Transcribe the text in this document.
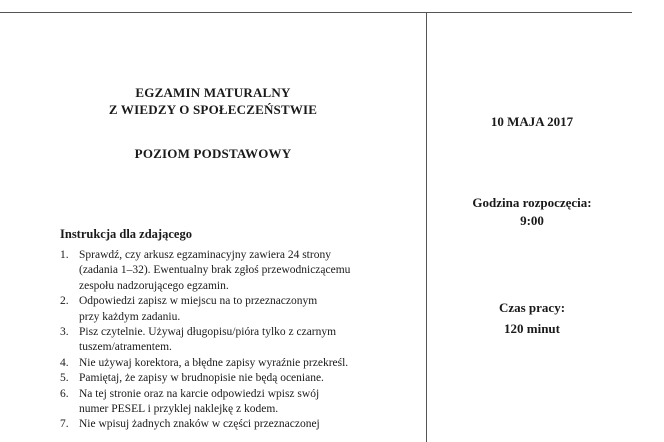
EGZAMIN MATURALNY
Z WIEDZY O SPOŁECZEŃSTWIE
POZIOM PODSTAWOWY
Instrukcja dla zdającego
1. Sprawdź, czy arkusz egzaminacyjny zawiera 24 strony
(zadania 1–32). Ewentualny brak zgłoś przewodniczącemu
zespołu nadzorującego egzamin.
2. Odpowiedzi zapisz w miejscu na to przeznaczonym
przy każdym zadaniu.
3. Pisz czytelnie. Używaj długopisu/pióra tylko z czarnym
tuszem/atramentem.
4. Nie używaj korektora, a błędne zapisy wyraźnie przekreśl.
5. Pamiętaj, że zapisy w brudnopisie nie będą oceniane.
6. Na tej stronie oraz na karcie odpowiedzi wpisz swój
numer PESEL i przyklej naklejkę z kodem.
7. Nie wpisuj żadnych znaków w części przeznaczonej
10 MAJA 2017
Godzina rozpoczęcia:
9:00
Czas pracy:
120 minut
